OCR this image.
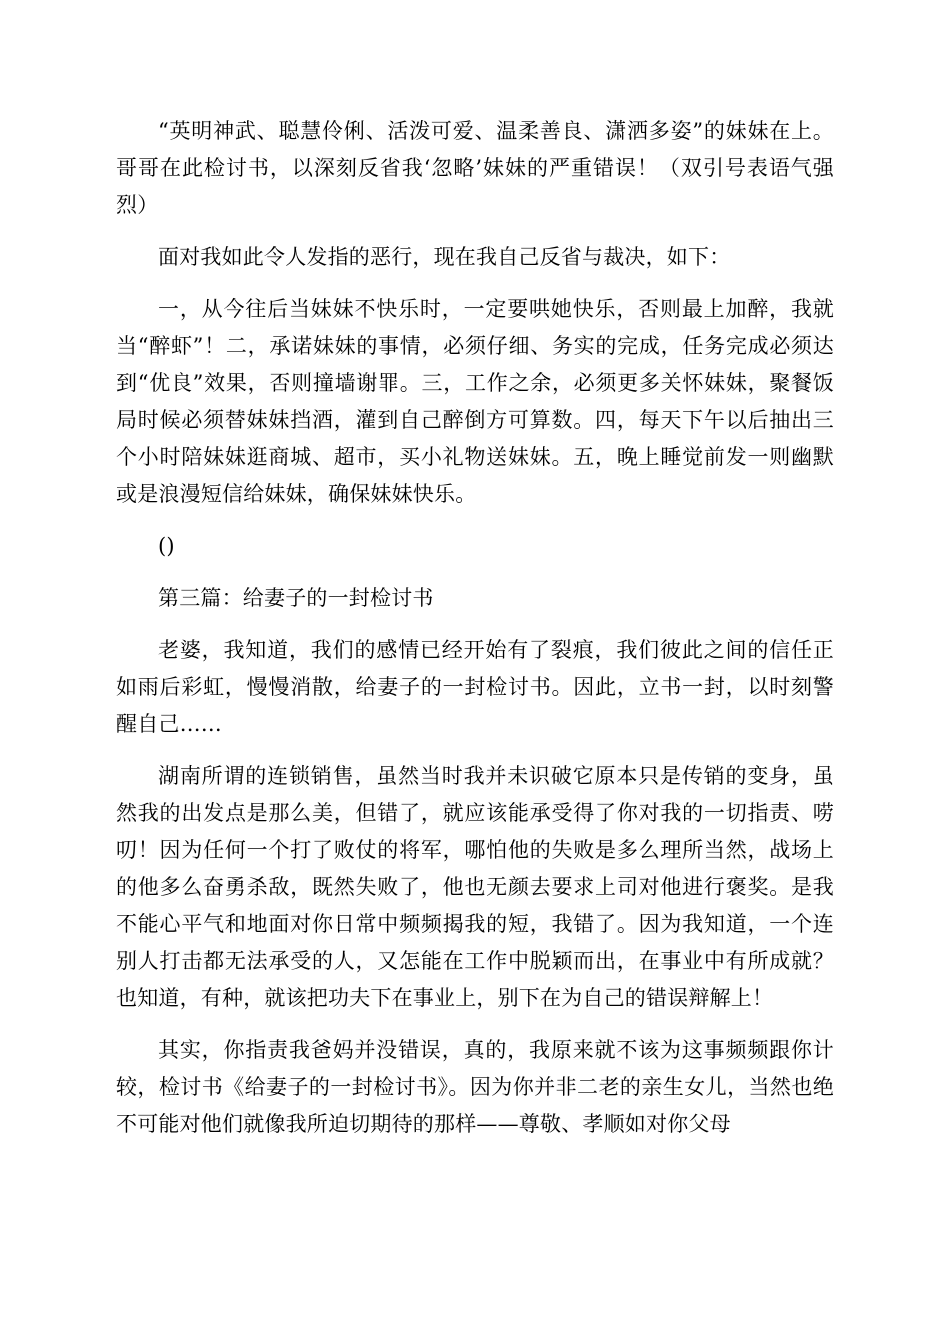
“英明神武、聪慧伶俐、活泼可爱、温柔善良、潇洒多姿”的妹妹在上。哥哥在此检讨书，以深刻反省我‘忽略’妹妹的严重错误！（双引号表语气强烈）

面对我如此令人发指的恶行，现在我自己反省与裁决，如下：

一，从今往后当妹妹不快乐时，一定要哄她快乐，否则最上加醉，我就当“醉虾”！二，承诺妹妹的事情，必须仔细、务实的完成，任务完成必须达到“优良”效果，否则撞墙谢罪。三，工作之余，必须更多关怀妹妹，聚餐饭局时候必须替妹妹挡酒，灌到自己醉倒方可算数。四，每天下午以后抽出三个小时陪妹妹逛商城、超市，买小礼物送妹妹。五，晚上睡觉前发一则幽默或是浪漫短信给妹妹，确保妹妹快乐。

()

第三篇：给妻子的一封检讨书

老婆，我知道，我们的感情已经开始有了裂痕，我们彼此之间的信任正如雨后彩虹，慢慢消散，给妻子的一封检讨书。因此，立书一封，以时刻警醒自己……

湖南所谓的连锁销售，虽然当时我并未识破它原本只是传销的变身，虽然我的出发点是那么美，但错了，就应该能承受得了你对我的一切指责、唠叨！因为任何一个打了败仗的将军，哪怕他的失败是多么理所当然，战场上的他多么奋勇杀敌，既然失败了，他也无颜去要求上司对他进行褒奖。是我不能心平气和地面对你日常中频频揭我的短，我错了。因为我知道，一个连别人打击都无法承受的人，又怎能在工作中脱颖而出，在事业中有所成就？也知道，有种，就该把功夫下在事业上，别下在为自己的错误辩解上！

其实，你指责我爸妈并没错误，真的，我原来就不该为这事频频跟你计较，检讨书《给妻子的一封检讨书》。因为你并非二老的亲生女儿，当然也绝不可能对他们就像我所迫切期待的那样——尊敬、孝顺如对你父母
